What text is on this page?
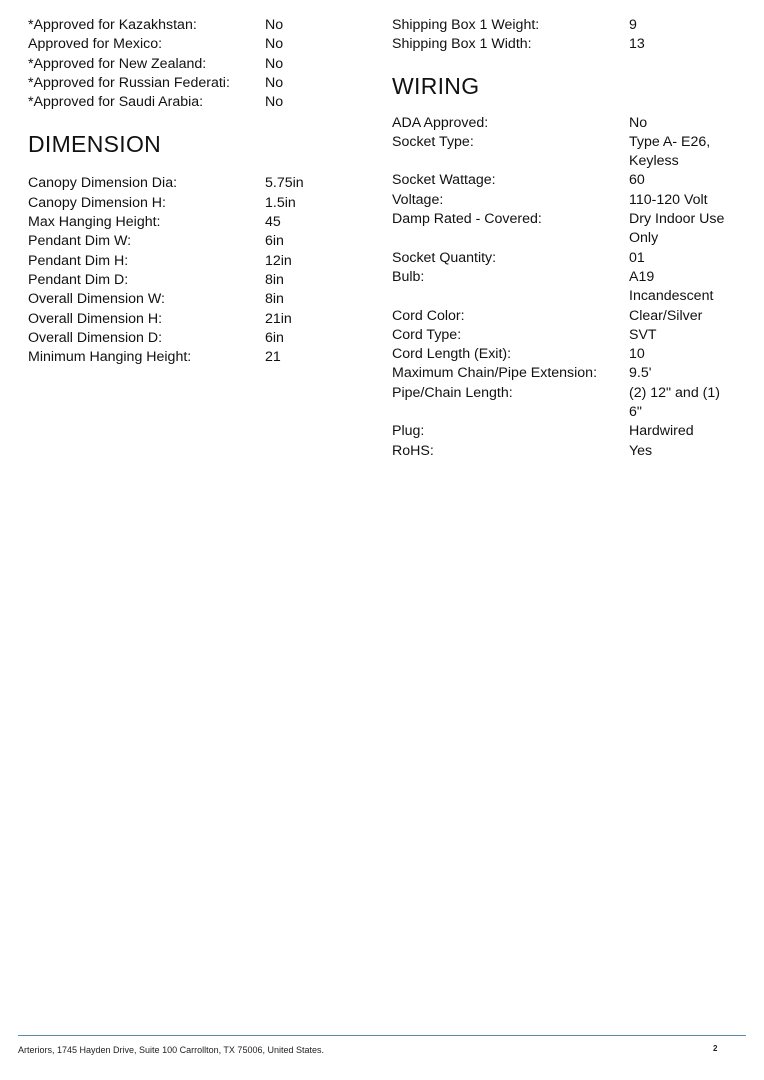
*Approved for Kazakhstan:	No
Approved for Mexico:	No
*Approved for New Zealand:	No
*Approved for Russian Federati:	No
*Approved for Saudi Arabia:	No
DIMENSION
Canopy Dimension Dia:	5.75in
Canopy Dimension H:	1.5in
Max Hanging Height:	45
Pendant Dim W:	6in
Pendant Dim H:	12in
Pendant Dim D:	8in
Overall Dimension W:	8in
Overall Dimension H:	21in
Overall Dimension D:	6in
Minimum Hanging Height:	21
Shipping Box 1 Weight:	9
Shipping Box 1 Width:	13
WIRING
ADA Approved:	No
Socket Type:	Type A- E26, Keyless
Socket Wattage:	60
Voltage:	110-120 Volt
Damp Rated - Covered:	Dry Indoor Use Only
Socket Quantity:	01
Bulb:	A19 Incandescent
Cord Color:	Clear/Silver
Cord Type:	SVT
Cord Length (Exit):	10
Maximum Chain/Pipe Extension:	9.5'
Pipe/Chain Length:	(2) 12" and (1) 6"
Plug:	Hardwired
RoHS:	Yes
Arteriors, 1745 Hayden Drive, Suite 100 Carrollton, TX 75006, United States.	2
